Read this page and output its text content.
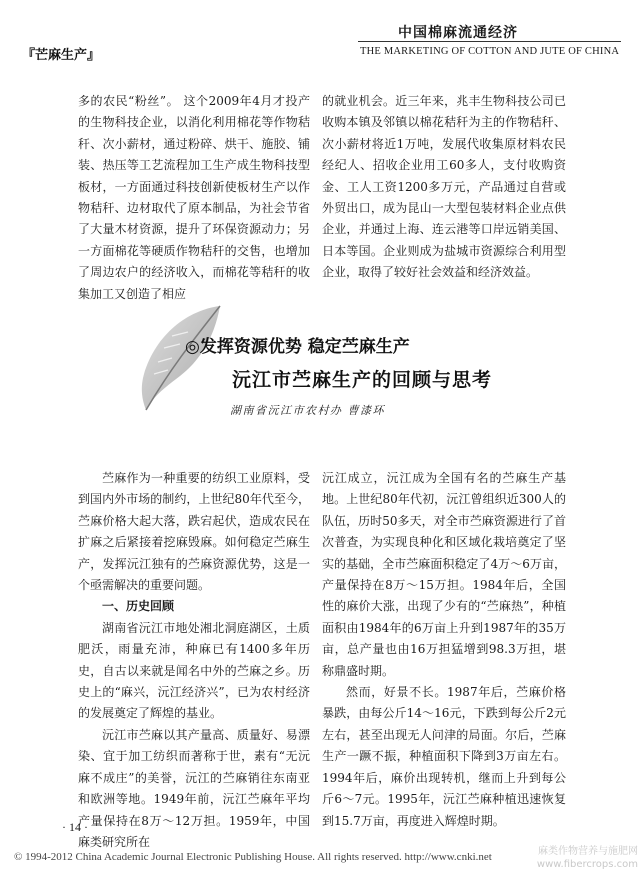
『芒麻生产』
中国棉麻流通经济
THE MARKETING OF COTTON AND JUTE OF CHINA

多的农民“粉丝”。 这个2009年4月才投产的生物科技企业，以消化利用棉花等作物秸秆、次小薪材，通过粉碎、烘干、施胶、铺装、热压等工艺流程加工生产成生物科技型板材，一方面通过科技创新使板材生产以作物秸秆、边材取代了原本制品，为社会节省了大量木材资源，提升了环保资源动力；另一方面棉花等硬质作物秸秆的交售，也增加了周边农户的经济收入，而棉花等秸秆的收集加工又创造了相应

的就业机会。近三年来，兆丰生物科技公司已收购本镇及邻镇以棉花秸秆为主的作物秸秆、次小薪材将近1万吨，发展代收集原材料农民经纪人、招收企业用工60多人，支付收购资金、工人工资1200多万元，产品通过自营或外贸出口，成为昆山一大型包装材料企业点供企业，并通过上海、连云港等口岸远销美国、日本等国。企业则成为盐城市资源综合利用型企业，取得了较好社会效益和经济效益。

◎发挥资源优势 稳定苎麻生产
沅江市苎麻生产的回顾与思考
湖南省沅江市农村办 曹漆环

苎麻作为一种重要的纺织工业原料，受到国内外市场的制约，上世纪80年代至今，苎麻价格大起大落，跌宕起伏，造成农民在扩麻之后紧接着挖麻毁麻。如何稳定苎麻生产，发挥沅江独有的苎麻资源优势，这是一个亟需解决的重要问题。

一、历史回顾

湖南省沅江市地处湘北洞庭湖区，土质肥沃，雨量充沛，种麻已有1400多年历史，自古以来就是闻名中外的苎麻之乡。历史上的“麻兴，沅江经济兴”，已为农村经济的发展奠定了辉煌的基业。

沅江市苎麻以其产量高、质量好、易漂染、宜于加工纺织而著称于世，素有“无沅麻不成庄”的美誉，沅江的苎麻销往东南亚和欧洲等地。1949年前，沅江苎麻年平均产量保持在8万～12万担。1959年，中国麻类研究所在

沅江成立，沅江成为全国有名的苎麻生产基地。上世纪80年代初，沅江曾组织近300人的队伍，历时50多天，对全市苎麻资源进行了首次普查，为实现良种化和区域化栽培奠定了坚实的基础，全市苎麻面积稳定了4万～6万亩，产量保持在8万～15万担。1984年后，全国性的麻价大涨，出现了少有的“苎麻热”，种植面积由1984年的6万亩上升到1987年的35万亩，总产量也由16万担猛增到98.3万担，堪称鼎盛时期。

然而，好景不长。1987年后，苎麻价格暴跌，由每公斤14～16元，下跌到每公斤2元左右，甚至出现无人问津的局面。尔后，苎麻生产一蹶不振，种植面积下降到3万亩左右。1994年后，麻价出现转机，继而上升到每公斤6～7元。1995年，沅江苎麻种植迅速恢复到15.7万亩，再度进入辉煌时期。

· 14 ·
© 1994-2012 China Academic Journal Electronic Publishing House. All rights reserved. http://www.cnki.net	麻类作物营养与施肥网
www.fibercrops.com
